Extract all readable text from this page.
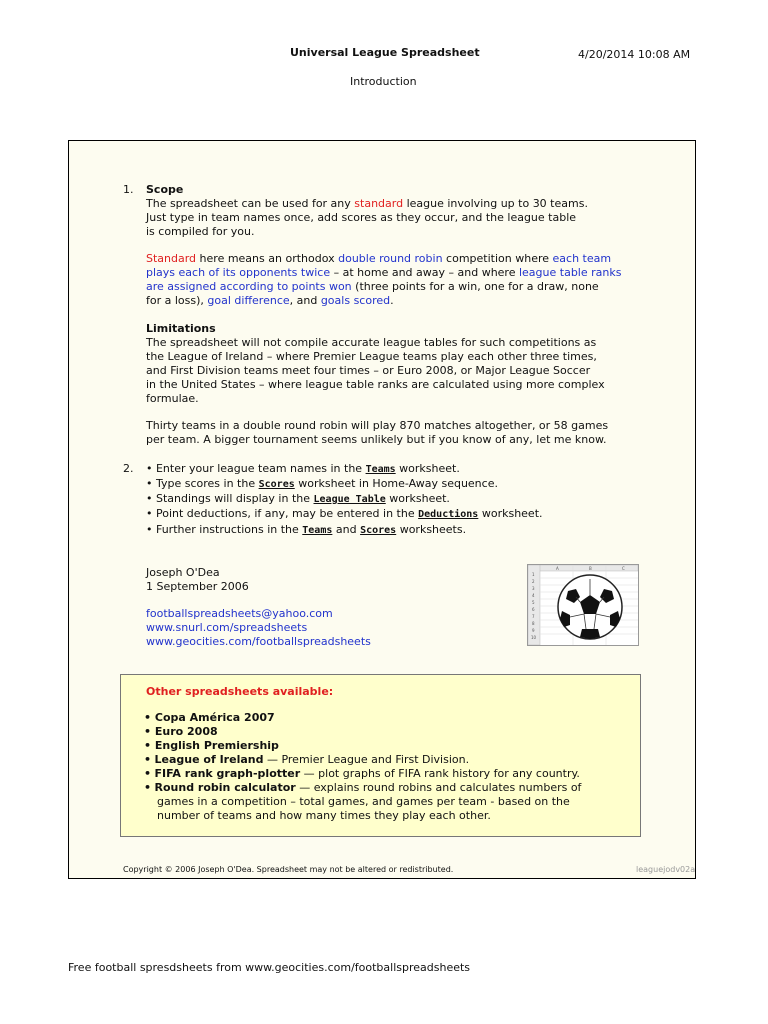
Universal League Spreadsheet	4/20/2014 10:08 AM
Introduction
1. Scope
The spreadsheet can be used for any standard league involving up to 30 teams.
Just type in team names once, add scores as they occur, and the league table
is compiled for you.
Standard here means an orthodox double round robin competition where each team
plays each of its opponents twice – at home and away – and where league table ranks
are assigned according to points won (three points for a win, one for a draw, none
for a loss), goal difference, and goals scored.
Limitations
The spreadsheet will not compile accurate league tables for such competitions as
the League of Ireland – where Premier League teams play each other three times,
and First Division teams meet four times – or Euro 2008, or Major League Soccer
in the United States – where league table ranks are calculated using more complex
formulae.
Thirty teams in a double round robin will play 870 matches altogether, or 58 games
per team. A bigger tournament seems unlikely but if you know of any, let me know.
2. • Enter your league team names in the Teams worksheet.
• Type scores in the Scores worksheet in Home-Away sequence.
• Standings will display in the League Table worksheet.
• Point deductions, if any, may be entered in the Deductions worksheet.
• Further instructions in the Teams and Scores worksheets.
Joseph O'Dea
1 September 2006
footballspreadsheets@yahoo.com
www.snurl.com/spreadsheets
www.geocities.com/footballspreadsheets
A	B	C
1
2
3
4
5
6
7
8
9
10
Other spreadsheets available:
• Copa América 2007
• Euro 2008
• English Premiership
• League of Ireland — Premier League and First Division.
• FIFA rank graph-plotter — plot graphs of FIFA rank history for any country.
• Round robin calculator — explains round robins and calculates numbers of
games in a competition – total games, and games per team - based on the
number of teams and how many times they play each other.
Copyright © 2006 Joseph O'Dea. Spreadsheet may not be altered or redistributed.	leaguejodv02a
Free football spresdsheets from www.geocities.com/footballspreadsheets
